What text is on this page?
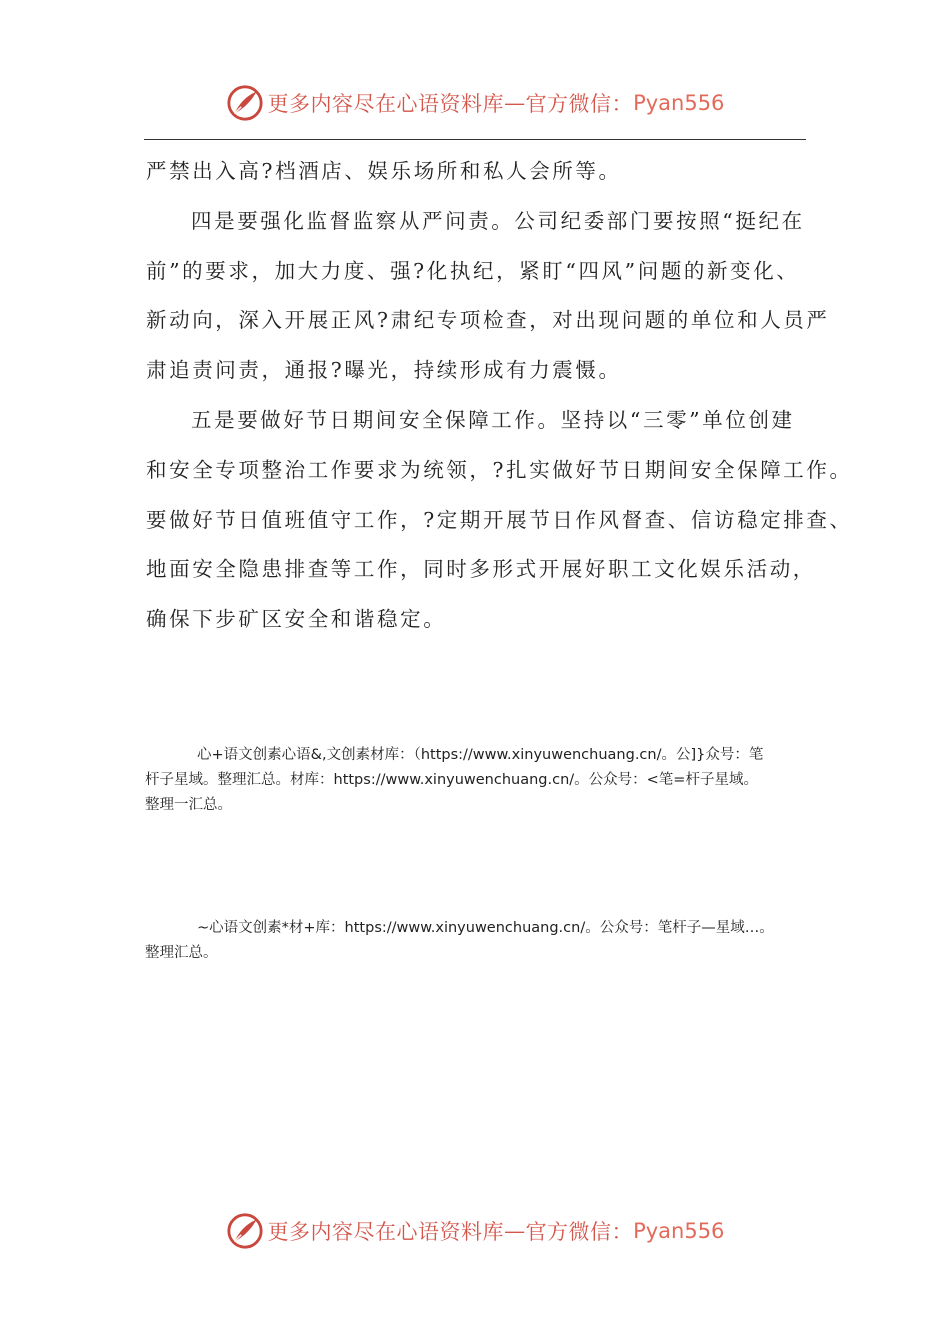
更多内容尽在心语资料库 — 官方微信： Pyan556
严禁出入高?档酒店、娱乐场所和私人会所等。
四是要强化监督监察从严问责。公司纪委部门要按照“挺纪在
前”的要求，加大力度、强?化执纪，紧盯“四风”问题的新变化、
新动向，深入开展正风?肃纪专项检查，对出现问题的单位和人员严
肃追责问责，通报?曝光，持续形成有力震慑。
五是要做好节日期间安全保障工作。坚持以“三零”单位创建
和安全专项整治工作要求为统领，?扎实做好节日期间安全保障工作。
要做好节日值班值守工作，?定期开展节日作风督查、信访稳定排查、
地面安全隐患排查等工作，同时多形式开展好职工文化娱乐活动，
确保下步矿区安全和谐稳定。
心+语文创素心语&,文创素材库：（https://www.xinyuwenchuang.cn/。公]}众号：笔
杆子星域。整理汇总。材库：https://www.xinyuwenchuang.cn/。公众号：<笔=杆子星域。
整理一汇总。
~心语文创素*材+库：https://www.xinyuwenchuang.cn/。公众号：笔杆子—星域…。
整理汇总。
更多内容尽在心语资料库 — 官方微信： Pyan556
